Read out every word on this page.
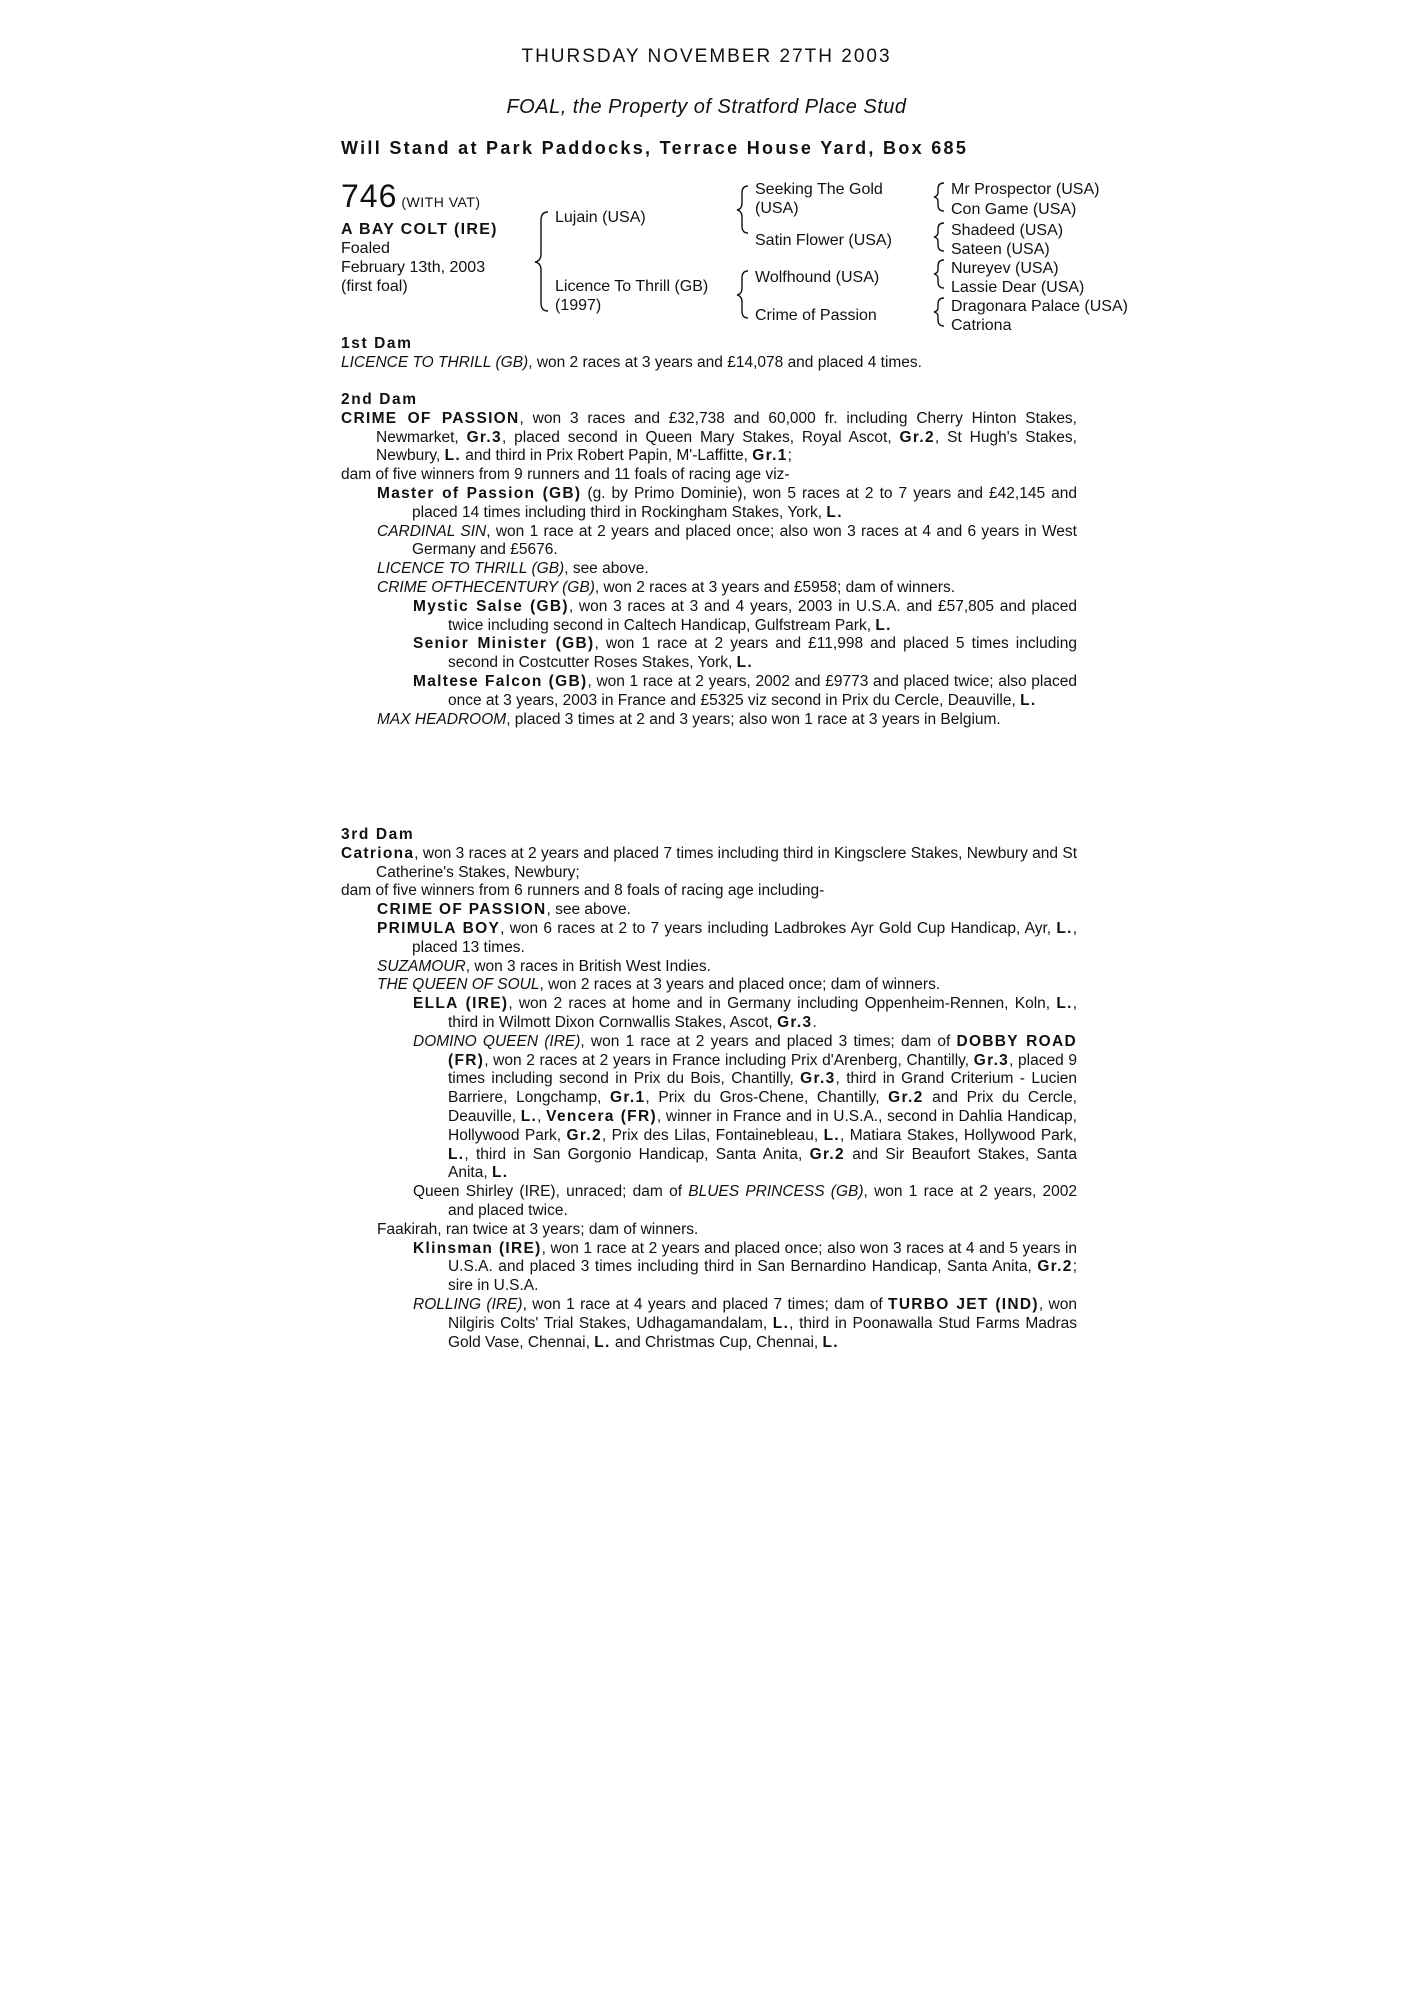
THURSDAY NOVEMBER 27TH 2003
FOAL, the Property of Stratford Place Stud
Will Stand at Park Paddocks, Terrace House Yard, Box 685
746 (WITH VAT)
A BAY COLT (IRE)
Foaled
February 13th, 2003
(first foal)
Lujain (USA)
Licence To Thrill (GB)
(1997)
Seeking The Gold
(USA)
Satin Flower (USA)
Wolfhound (USA)
Crime of Passion
Mr Prospector (USA)
Con Game (USA)
Shadeed (USA)
Sateen (USA)
Nureyev (USA)
Lassie Dear (USA)
Dragonara Palace (USA)
Catriona

1st Dam

LICENCE TO THRILL (GB), won 2 races at 3 years and £14,078 and placed 4 times.

2nd Dam

CRIME OF PASSION, won 3 races and £32,738 and 60,000 fr. including Cherry Hinton Stakes, Newmarket, Gr.3, placed second in Queen Mary Stakes, Royal Ascot, Gr.2, St Hugh's Stakes, Newbury, L. and third in Prix Robert Papin, M'-Laffitte, Gr.1;

dam of five winners from 9 runners and 11 foals of racing age viz-

Master of Passion (GB) (g. by Primo Dominie), won 5 races at 2 to 7 years and £42,145 and placed 14 times including third in Rockingham Stakes, York, L.

CARDINAL SIN, won 1 race at 2 years and placed once; also won 3 races at 4 and 6 years in West Germany and £5676.

LICENCE TO THRILL (GB), see above.

CRIME OFTHECENTURY (GB), won 2 races at 3 years and £5958; dam of winners.

Mystic Salse (GB), won 3 races at 3 and 4 years, 2003 in U.S.A. and £57,805 and placed twice including second in Caltech Handicap, Gulfstream Park, L.

Senior Minister (GB), won 1 race at 2 years and £11,998 and placed 5 times including second in Costcutter Roses Stakes, York, L.

Maltese Falcon (GB), won 1 race at 2 years, 2002 and £9773 and placed twice; also placed once at 3 years, 2003 in France and £5325 viz second in Prix du Cercle, Deauville, L.

MAX HEADROOM, placed 3 times at 2 and 3 years; also won 1 race at 3 years in Belgium.

3rd Dam

Catriona, won 3 races at 2 years and placed 7 times including third in Kingsclere Stakes, Newbury and St Catherine's Stakes, Newbury;

dam of five winners from 6 runners and 8 foals of racing age including-

CRIME OF PASSION, see above.

PRIMULA BOY, won 6 races at 2 to 7 years including Ladbrokes Ayr Gold Cup Handicap, Ayr, L., placed 13 times.

SUZAMOUR, won 3 races in British West Indies.

THE QUEEN OF SOUL, won 2 races at 3 years and placed once; dam of winners.

ELLA (IRE), won 2 races at home and in Germany including Oppenheim-Rennen, Koln, L., third in Wilmott Dixon Cornwallis Stakes, Ascot, Gr.3.

DOMINO QUEEN (IRE), won 1 race at 2 years and placed 3 times; dam of DOBBY ROAD (FR), won 2 races at 2 years in France including Prix d'Arenberg, Chantilly, Gr.3, placed 9 times including second in Prix du Bois, Chantilly, Gr.3, third in Grand Criterium - Lucien Barriere, Longchamp, Gr.1, Prix du Gros-Chene, Chantilly, Gr.2 and Prix du Cercle, Deauville, L., Vencera (FR), winner in France and in U.S.A., second in Dahlia Handicap, Hollywood Park, Gr.2, Prix des Lilas, Fontainebleau, L., Matiara Stakes, Hollywood Park, L., third in San Gorgonio Handicap, Santa Anita, Gr.2 and Sir Beaufort Stakes, Santa Anita, L.

Queen Shirley (IRE), unraced; dam of BLUES PRINCESS (GB), won 1 race at 2 years, 2002 and placed twice.

Faakirah, ran twice at 3 years; dam of winners.

Klinsman (IRE), won 1 race at 2 years and placed once; also won 3 races at 4 and 5 years in U.S.A. and placed 3 times including third in San Bernardino Handicap, Santa Anita, Gr.2; sire in U.S.A.

ROLLING (IRE), won 1 race at 4 years and placed 7 times; dam of TURBO JET (IND), won Nilgiris Colts' Trial Stakes, Udhagamandalam, L., third in Poonawalla Stud Farms Madras Gold Vase, Chennai, L. and Christmas Cup, Chennai, L.
